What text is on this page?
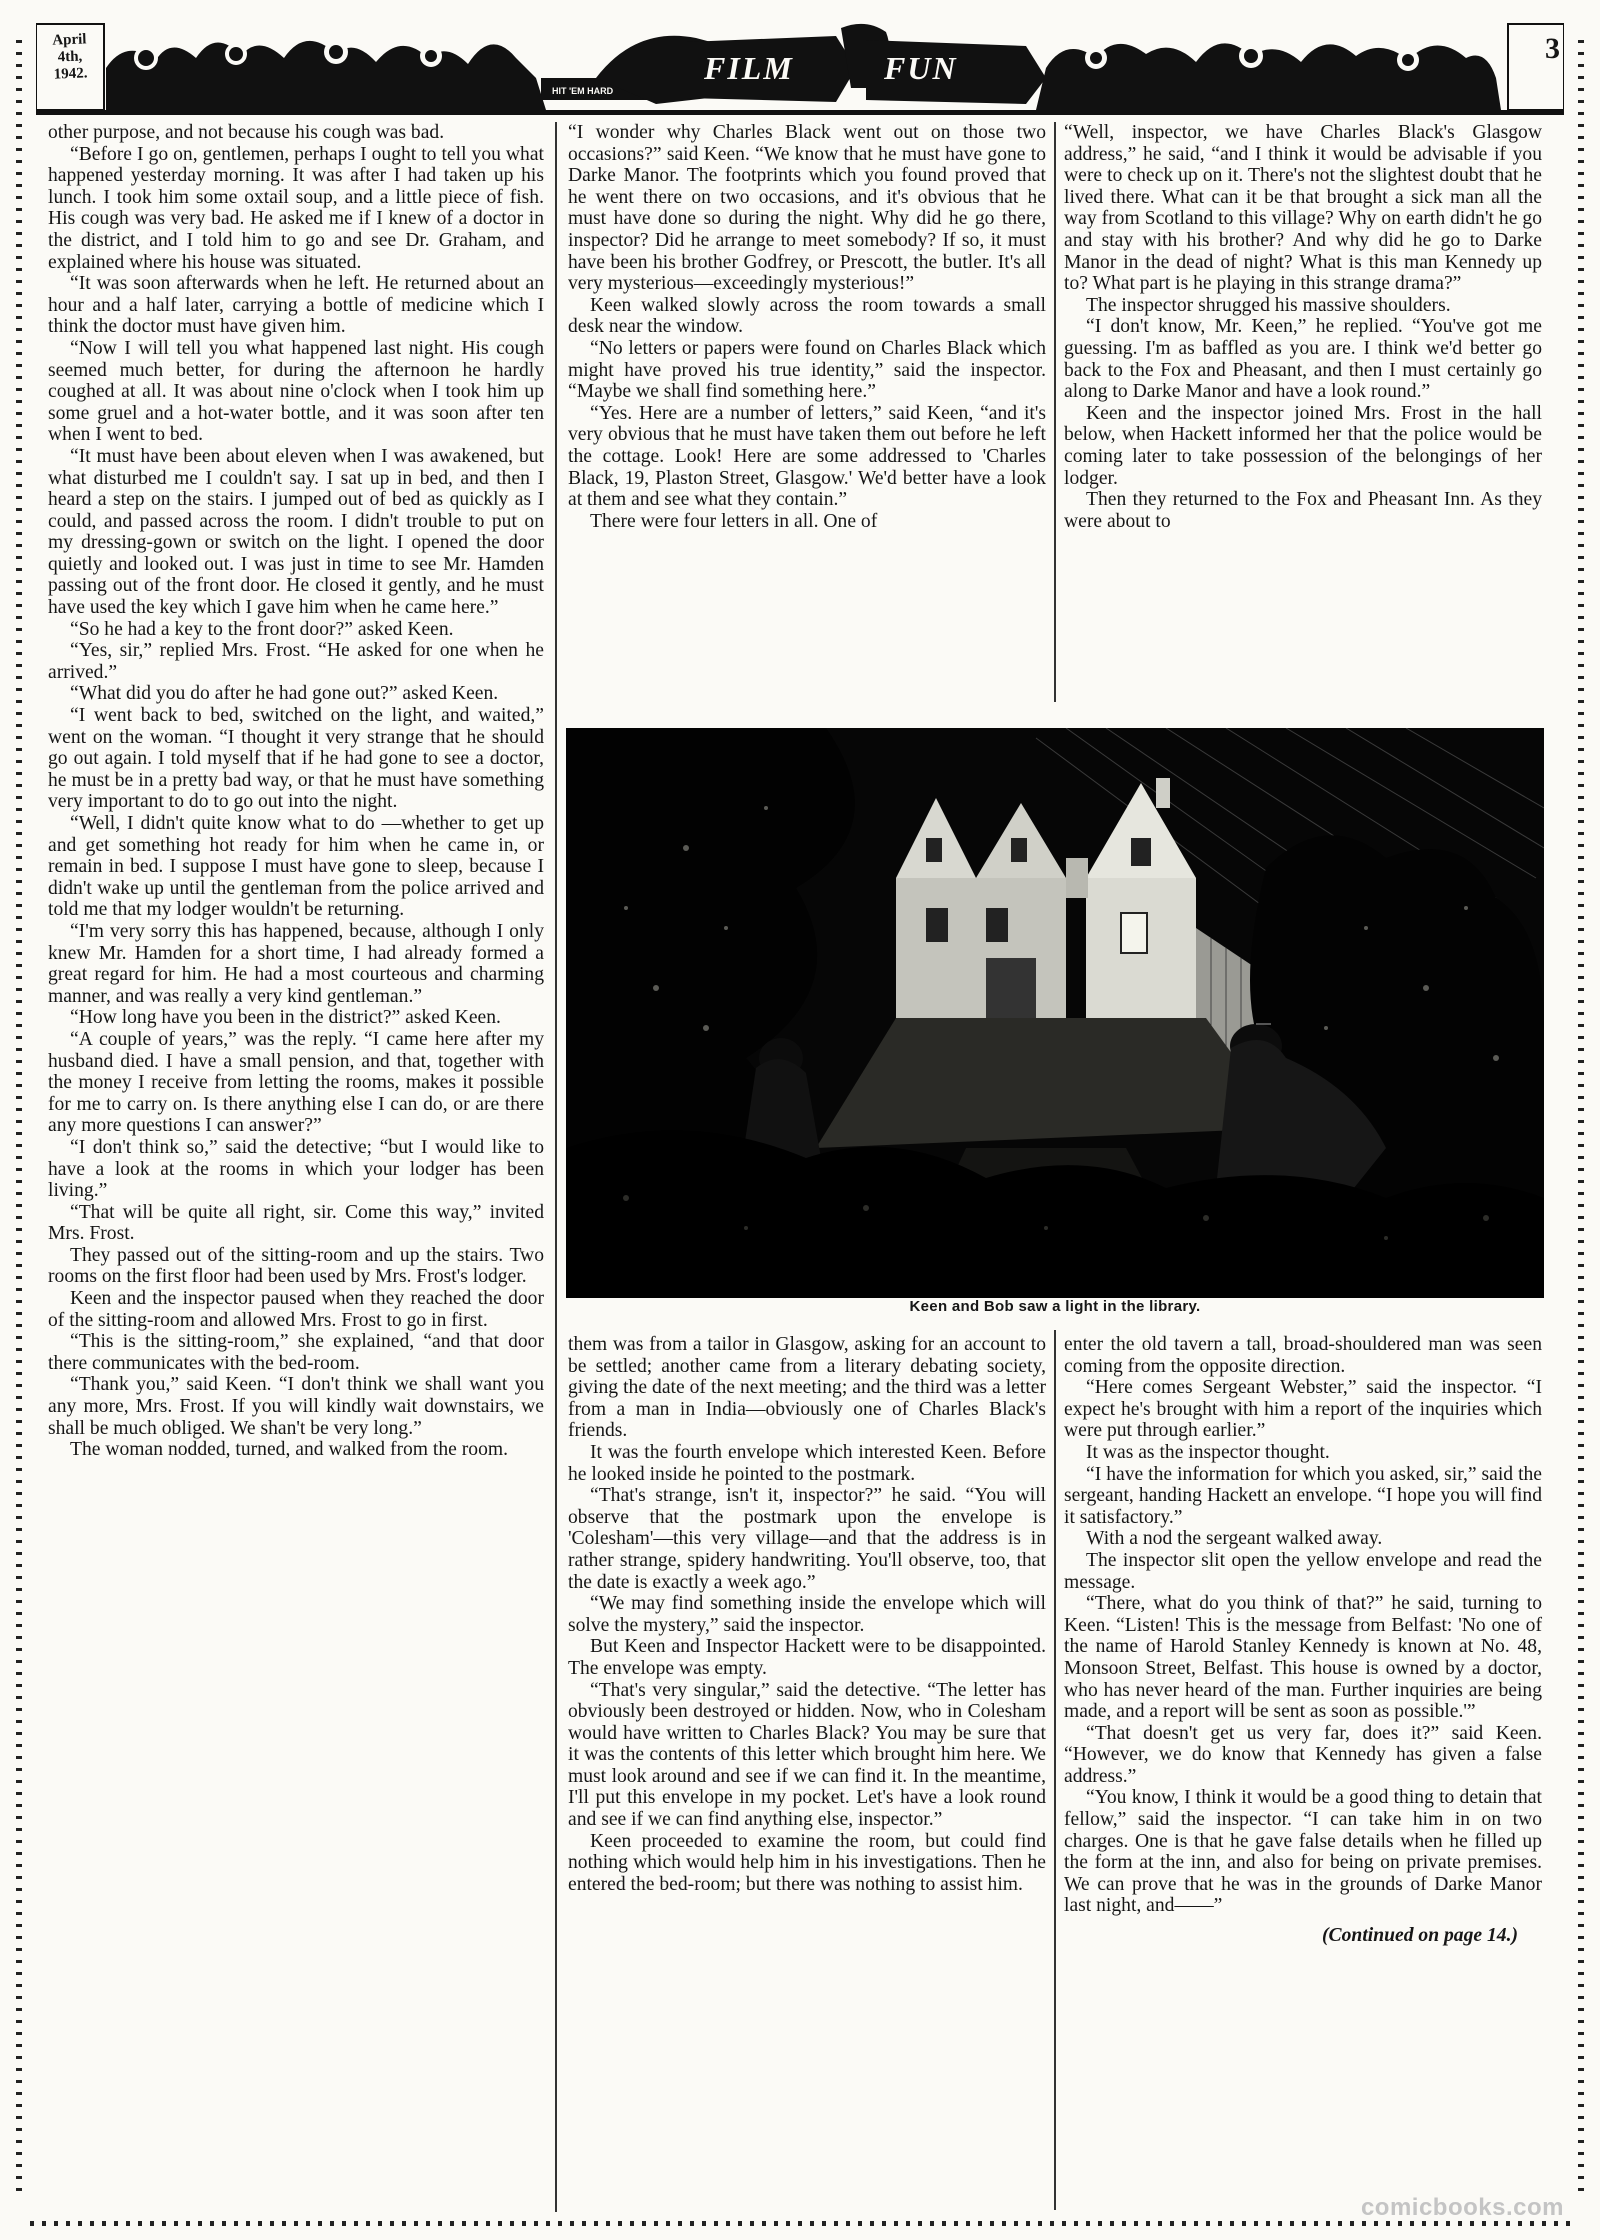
April 4th, 1942.	FILM	FUN
HIT 'EM HARD
3

other purpose, and not because his cough was bad.

“Before I go on, gentlemen, perhaps I ought to tell you what happened yesterday morning. It was after I had taken up his lunch. I took him some oxtail soup, and a little piece of fish. His cough was very bad. He asked me if I knew of a doctor in the district, and I told him to go and see Dr. Graham, and explained where his house was situated.

“It was soon afterwards when he left. He returned about an hour and a half later, carrying a bottle of medicine which I think the doctor must have given him.

“Now I will tell you what happened last night. His cough seemed much better, for during the afternoon he hardly coughed at all. It was about nine o'clock when I took him up some gruel and a hot-water bottle, and it was soon after ten when I went to bed.

“It must have been about eleven when I was awakened, but what disturbed me I couldn't say. I sat up in bed, and then I heard a step on the stairs. I jumped out of bed as quickly as I could, and passed across the room. I didn't trouble to put on my dressing-gown or switch on the light. I opened the door quietly and looked out. I was just in time to see Mr. Hamden passing out of the front door. He closed it gently, and he must have used the key which I gave him when he came here.”

“So he had a key to the front door?” asked Keen.

“Yes, sir,” replied Mrs. Frost. “He asked for one when he arrived.”

“What did you do after he had gone out?” asked Keen.

“I went back to bed, switched on the light, and waited,” went on the woman. “I thought it very strange that he should go out again. I told myself that if he had gone to see a doctor, he must be in a pretty bad way, or that he must have something very important to do to go out into the night.

“Well, I didn't quite know what to do —whether to get up and get something hot ready for him when he came in, or remain in bed. I suppose I must have gone to sleep, because I didn't wake up until the gentleman from the police arrived and told me that my lodger wouldn't be returning.

“I'm very sorry this has happened, because, although I only knew Mr. Hamden for a short time, I had already formed a great regard for him. He had a most courteous and charming manner, and was really a very kind gentleman.”

“How long have you been in the district?” asked Keen.

“A couple of years,” was the reply. “I came here after my husband died. I have a small pension, and that, together with the money I receive from letting the rooms, makes it possible for me to carry on. Is there anything else I can do, or are there any more questions I can answer?”

“I don't think so,” said the detective; “but I would like to have a look at the rooms in which your lodger has been living.”

“That will be quite all right, sir. Come this way,” invited Mrs. Frost.

They passed out of the sitting-room and up the stairs. Two rooms on the first floor had been used by Mrs. Frost's lodger.

Keen and the inspector paused when they reached the door of the sitting-room and allowed Mrs. Frost to go in first.

“This is the sitting-room,” she explained, “and that door there communicates with the bed-room.

“Thank you,” said Keen. “I don't think we shall want you any more, Mrs. Frost. If you will kindly wait downstairs, we shall be much obliged. We shan't be very long.”

The woman nodded, turned, and walked from the room.

“I wonder why Charles Black went out on those two occasions?” said Keen. “We know that he must have gone to Darke Manor. The footprints which you found proved that he went there on two occasions, and it's obvious that he must have done so during the night. Why did he go there, inspector? Did he arrange to meet somebody? If so, it must have been his brother Godfrey, or Prescott, the butler. It's all very mysterious—exceedingly mysterious!”

Keen walked slowly across the room towards a small desk near the window.

“No letters or papers were found on Charles Black which might have proved his true identity,” said the inspector. “Maybe we shall find something here.”

“Yes. Here are a number of letters,” said Keen, “and it's very obvious that he must have taken them out before he left the cottage. Look! Here are some addressed to 'Charles Black, 19, Plaston Street, Glasgow.' We'd better have a look at them and see what they contain.”

There were four letters in all. One of

“Well, inspector, we have Charles Black's Glasgow address,” he said, “and I think it would be advisable if you were to check up on it. There's not the slightest doubt that he lived there. What can it be that brought a sick man all the way from Scotland to this village? Why on earth didn't he go and stay with his brother? And why did he go to Darke Manor in the dead of night? What is this man Kennedy up to? What part is he playing in this strange drama?”

The inspector shrugged his massive shoulders.

“I don't know, Mr. Keen,” he replied. “You've got me guessing. I'm as baffled as you are. I think we'd better go back to the Fox and Pheasant, and then I must certainly go along to Darke Manor and have a look round.”

Keen and the inspector joined Mrs. Frost in the hall below, when Hackett informed her that the police would be coming later to take possession of the belongings of her lodger.

Then they returned to the Fox and Pheasant Inn. As they were about to

Keen and Bob saw a light in the library.

them was from a tailor in Glasgow, asking for an account to be settled; another came from a literary debating society, giving the date of the next meeting; and the third was a letter from a man in India—obviously one of Charles Black's friends.

It was the fourth envelope which interested Keen. Before he looked inside he pointed to the postmark.

“That's strange, isn't it, inspector?” he said. “You will observe that the postmark upon the envelope is 'Colesham'—this very village—and that the address is in rather strange, spidery handwriting. You'll observe, too, that the date is exactly a week ago.”

“We may find something inside the envelope which will solve the mystery,” said the inspector.

But Keen and Inspector Hackett were to be disappointed. The envelope was empty.

“That's very singular,” said the detective. “The letter has obviously been destroyed or hidden. Now, who in Colesham would have written to Charles Black? You may be sure that it was the contents of this letter which brought him here. We must look around and see if we can find it. In the meantime, I'll put this envelope in my pocket. Let's have a look round and see if we can find anything else, inspector.”

Keen proceeded to examine the room, but could find nothing which would help him in his investigations. Then he entered the bed-room; but there was nothing to assist him.

enter the old tavern a tall, broad-shouldered man was seen coming from the opposite direction.

“Here comes Sergeant Webster,” said the inspector. “I expect he's brought with him a report of the inquiries which were put through earlier.”

It was as the inspector thought.

“I have the information for which you asked, sir,” said the sergeant, handing Hackett an envelope. “I hope you will find it satisfactory.”

With a nod the sergeant walked away.

The inspector slit open the yellow envelope and read the message.

“There, what do you think of that?” he said, turning to Keen. “Listen! This is the message from Belfast: 'No one of the name of Harold Stanley Kennedy is known at No. 48, Monsoon Street, Belfast. This house is owned by a doctor, who has never heard of the man. Further inquiries are being made, and a report will be sent as soon as possible.'”

“That doesn't get us very far, does it?” said Keen. “However, we do know that Kennedy has given a false address.”

“You know, I think it would be a good thing to detain that fellow,” said the inspector. “I can take him in on two charges. One is that he gave false details when he filled up the form at the inn, and also for being on private premises. We can prove that he was in the grounds of Darke Manor last night, and——”

(Continued on page 14.)

comicbooks.com
